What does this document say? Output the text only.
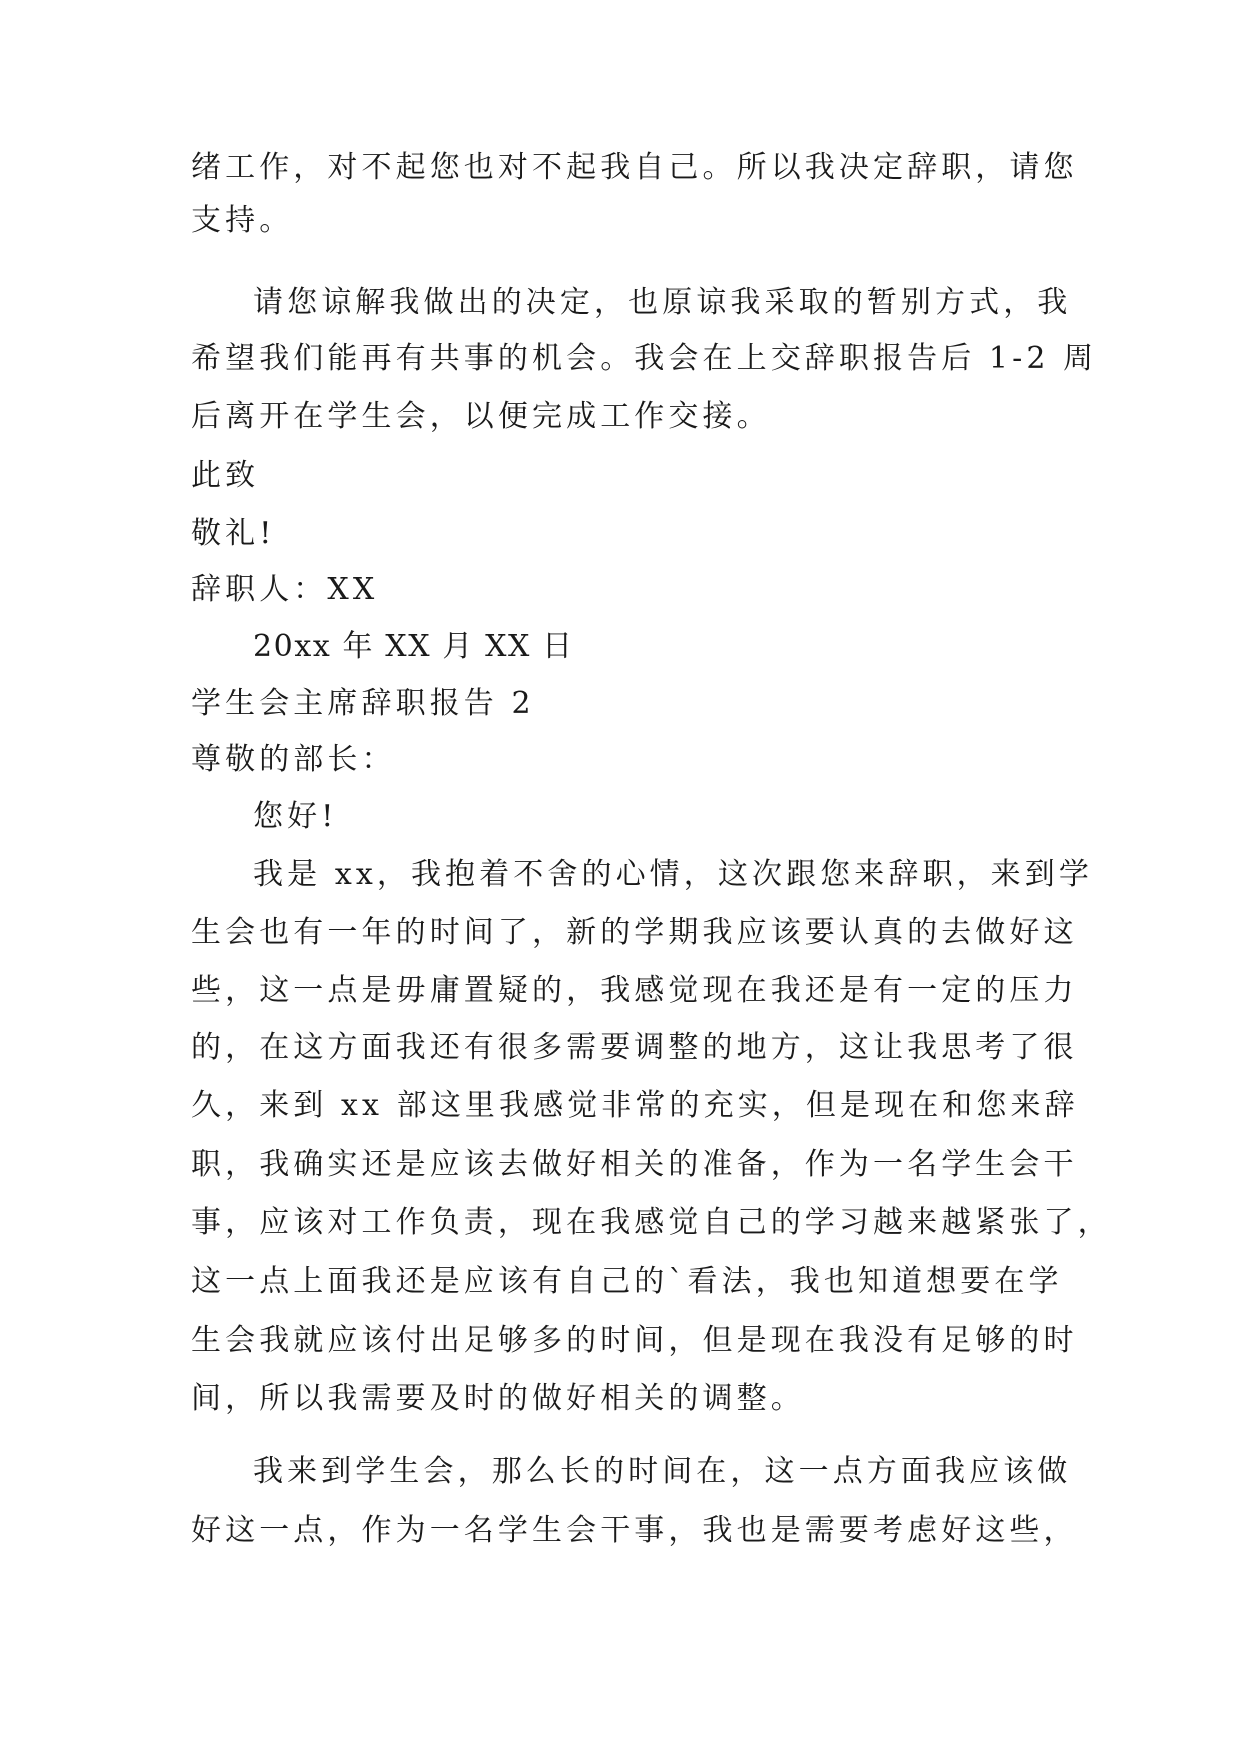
绪工作，对不起您也对不起我自己。所以我决定辞职，请您
支持。
请您谅解我做出的决定，也原谅我采取的暂别方式，我
希望我们能再有共事的机会。我会在上交辞职报告后 1-2 周
后离开在学生会，以便完成工作交接。
此致
敬礼!
辞职人：XX
20xx 年 XX 月 XX 日
学生会主席辞职报告 2
尊敬的部长：
您好!
我是 xx，我抱着不舍的心情，这次跟您来辞职，来到学
生会也有一年的时间了，新的学期我应该要认真的去做好这
些，这一点是毋庸置疑的，我感觉现在我还是有一定的压力
的，在这方面我还有很多需要调整的地方，这让我思考了很
久，来到 xx 部这里我感觉非常的充实，但是现在和您来辞
职，我确实还是应该去做好相关的准备，作为一名学生会干
事，应该对工作负责，现在我感觉自己的学习越来越紧张了，
这一点上面我还是应该有自己的`看法，我也知道想要在学
生会我就应该付出足够多的时间，但是现在我没有足够的时
间，所以我需要及时的做好相关的调整。
我来到学生会，那么长的时间在，这一点方面我应该做
好这一点，作为一名学生会干事，我也是需要考虑好这些，
